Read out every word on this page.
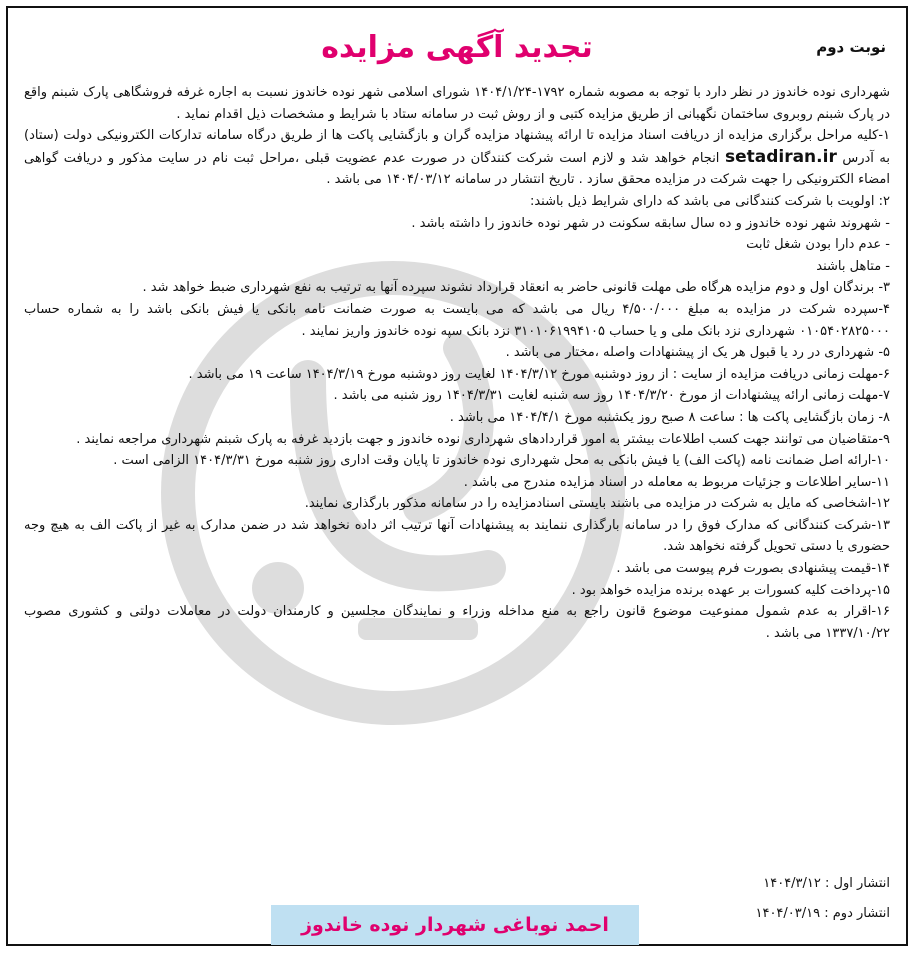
تجدید آگهی مزایده	نوبت دوم

شهرداری نوده خاندوز در نظر دارد با توجه به مصوبه شماره ۱۷۹۲-۱۴۰۴/۱/۲۴ شورای اسلامی شهر نوده خاندوز نسبت به اجاره غرفه فروشگاهی پارک شبنم واقع در پارک شبنم روبروی ساختمان نگهبانی از طریق مزایده کتبی و از روش ثبت در سامانه ستاد با شرایط و مشخصات ذیل اقدام نماید .

۱-کلیه مراحل برگزاری مزایده از دریافت اسناد مزایده تا ارائه پیشنهاد مزایده گران و بازگشایی پاکت ها از طریق درگاه سامانه تدارکات الکترونیکی دولت (ستاد) به آدرس setadiran.ir انجام خواهد شد و لازم است شرکت کنندگان در صورت عدم عضویت قبلی ،مراحل ثبت نام در سایت مذکور و دریافت گواهی امضاء الکترونیکی را جهت شرکت در مزایده محقق سازد . تاریخ انتشار در سامانه ۱۴۰۴/۰۳/۱۲ می باشد .

۲: اولویت با شرکت کنندگانی می باشد که دارای شرایط ذیل باشند:

- شهروند شهر نوده خاندوز و ده سال سابقه سکونت در شهر نوده خاندوز را داشته باشد .

- عدم دارا بودن شغل ثابت

- متاهل باشند

۳- برندگان اول و دوم مزایده هرگاه طی مهلت قانونی حاضر به انعقاد قرارداد نشوند سپرده آنها به ترتیب به نفع شهرداری ضبط خواهد شد .

۴-سپرده شرکت در مزایده به مبلغ ۴/۵۰۰/۰۰۰ ریال می باشد که می بایست به صورت ضمانت نامه بانکی یا فیش بانکی باشد را به شماره حساب ۰۱۰۵۴۰۲۸۲۵۰۰۰ شهرداری نزد بانک ملی و یا حساب ۳۱۰۱۰۶۱۹۹۴۱۰۵ نزد بانک سپه نوده خاندوز واریز نمایند .

۵- شهرداری در رد یا قبول هر یک از پیشنهادات واصله ،مختار می باشد .

۶-مهلت زمانی دریافت مزایده از سایت : از روز دوشنبه مورخ ۱۴۰۴/۳/۱۲ لغایت روز دوشنبه مورخ ۱۴۰۴/۳/۱۹ ساعت ۱۹ می باشد .

۷-مهلت زمانی ارائه پیشنهادات از مورخ ۱۴۰۴/۳/۲۰ روز سه شنبه لغایت ۱۴۰۴/۳/۳۱ روز شنبه می باشد .

۸- زمان بازگشایی پاکت ها : ساعت ۸ صبح روز یکشنبه مورخ ۱۴۰۴/۴/۱ می باشد .

۹-متقاضیان می توانند جهت کسب اطلاعات بیشتر به امور قراردادهای شهرداری نوده خاندوز و جهت بازدید غرفه به پارک شبنم شهرداری مراجعه نمایند .

۱۰-ارائه اصل ضمانت نامه (پاکت الف) یا فیش بانکی به محل شهرداری نوده خاندوز تا پایان وقت اداری روز شنبه مورخ ۱۴۰۴/۳/۳۱ الزامی است .

۱۱-سایر اطلاعات و جزئیات مربوط به معامله در اسناد مزایده مندرج می باشد .

۱۲-اشخاصی که مایل به شرکت در مزایده می باشند بایستی اسنادمزایده را در سامانه مذکور بارگذاری نمایند.

۱۳-شرکت کنندگانی که مدارک فوق را در سامانه بارگذاری ننمایند به پیشنهادات آنها ترتیب اثر داده نخواهد شد در ضمن مدارک به غیر از پاکت الف به هیچ وجه حضوری یا دستی تحویل گرفته نخواهد شد.

۱۴-قیمت پیشنهادی بصورت فرم پیوست می باشد .

۱۵-پرداخت کلیه کسورات بر عهده برنده مزایده خواهد بود .

۱۶-اقرار به عدم شمول ممنوعیت موضوع قانون راجع به منع مداخله وزراء و نمایندگان مجلسین و کارمندان دولت در معاملات دولتی و کشوری مصوب ۱۳۳۷/۱۰/۲۲ می باشد .

انتشار اول : ۱۴۰۴/۳/۱۲
انتشار دوم : ۱۴۰۴/۰۳/۱۹
احمد نوباغی شهردار نوده خاندوز
